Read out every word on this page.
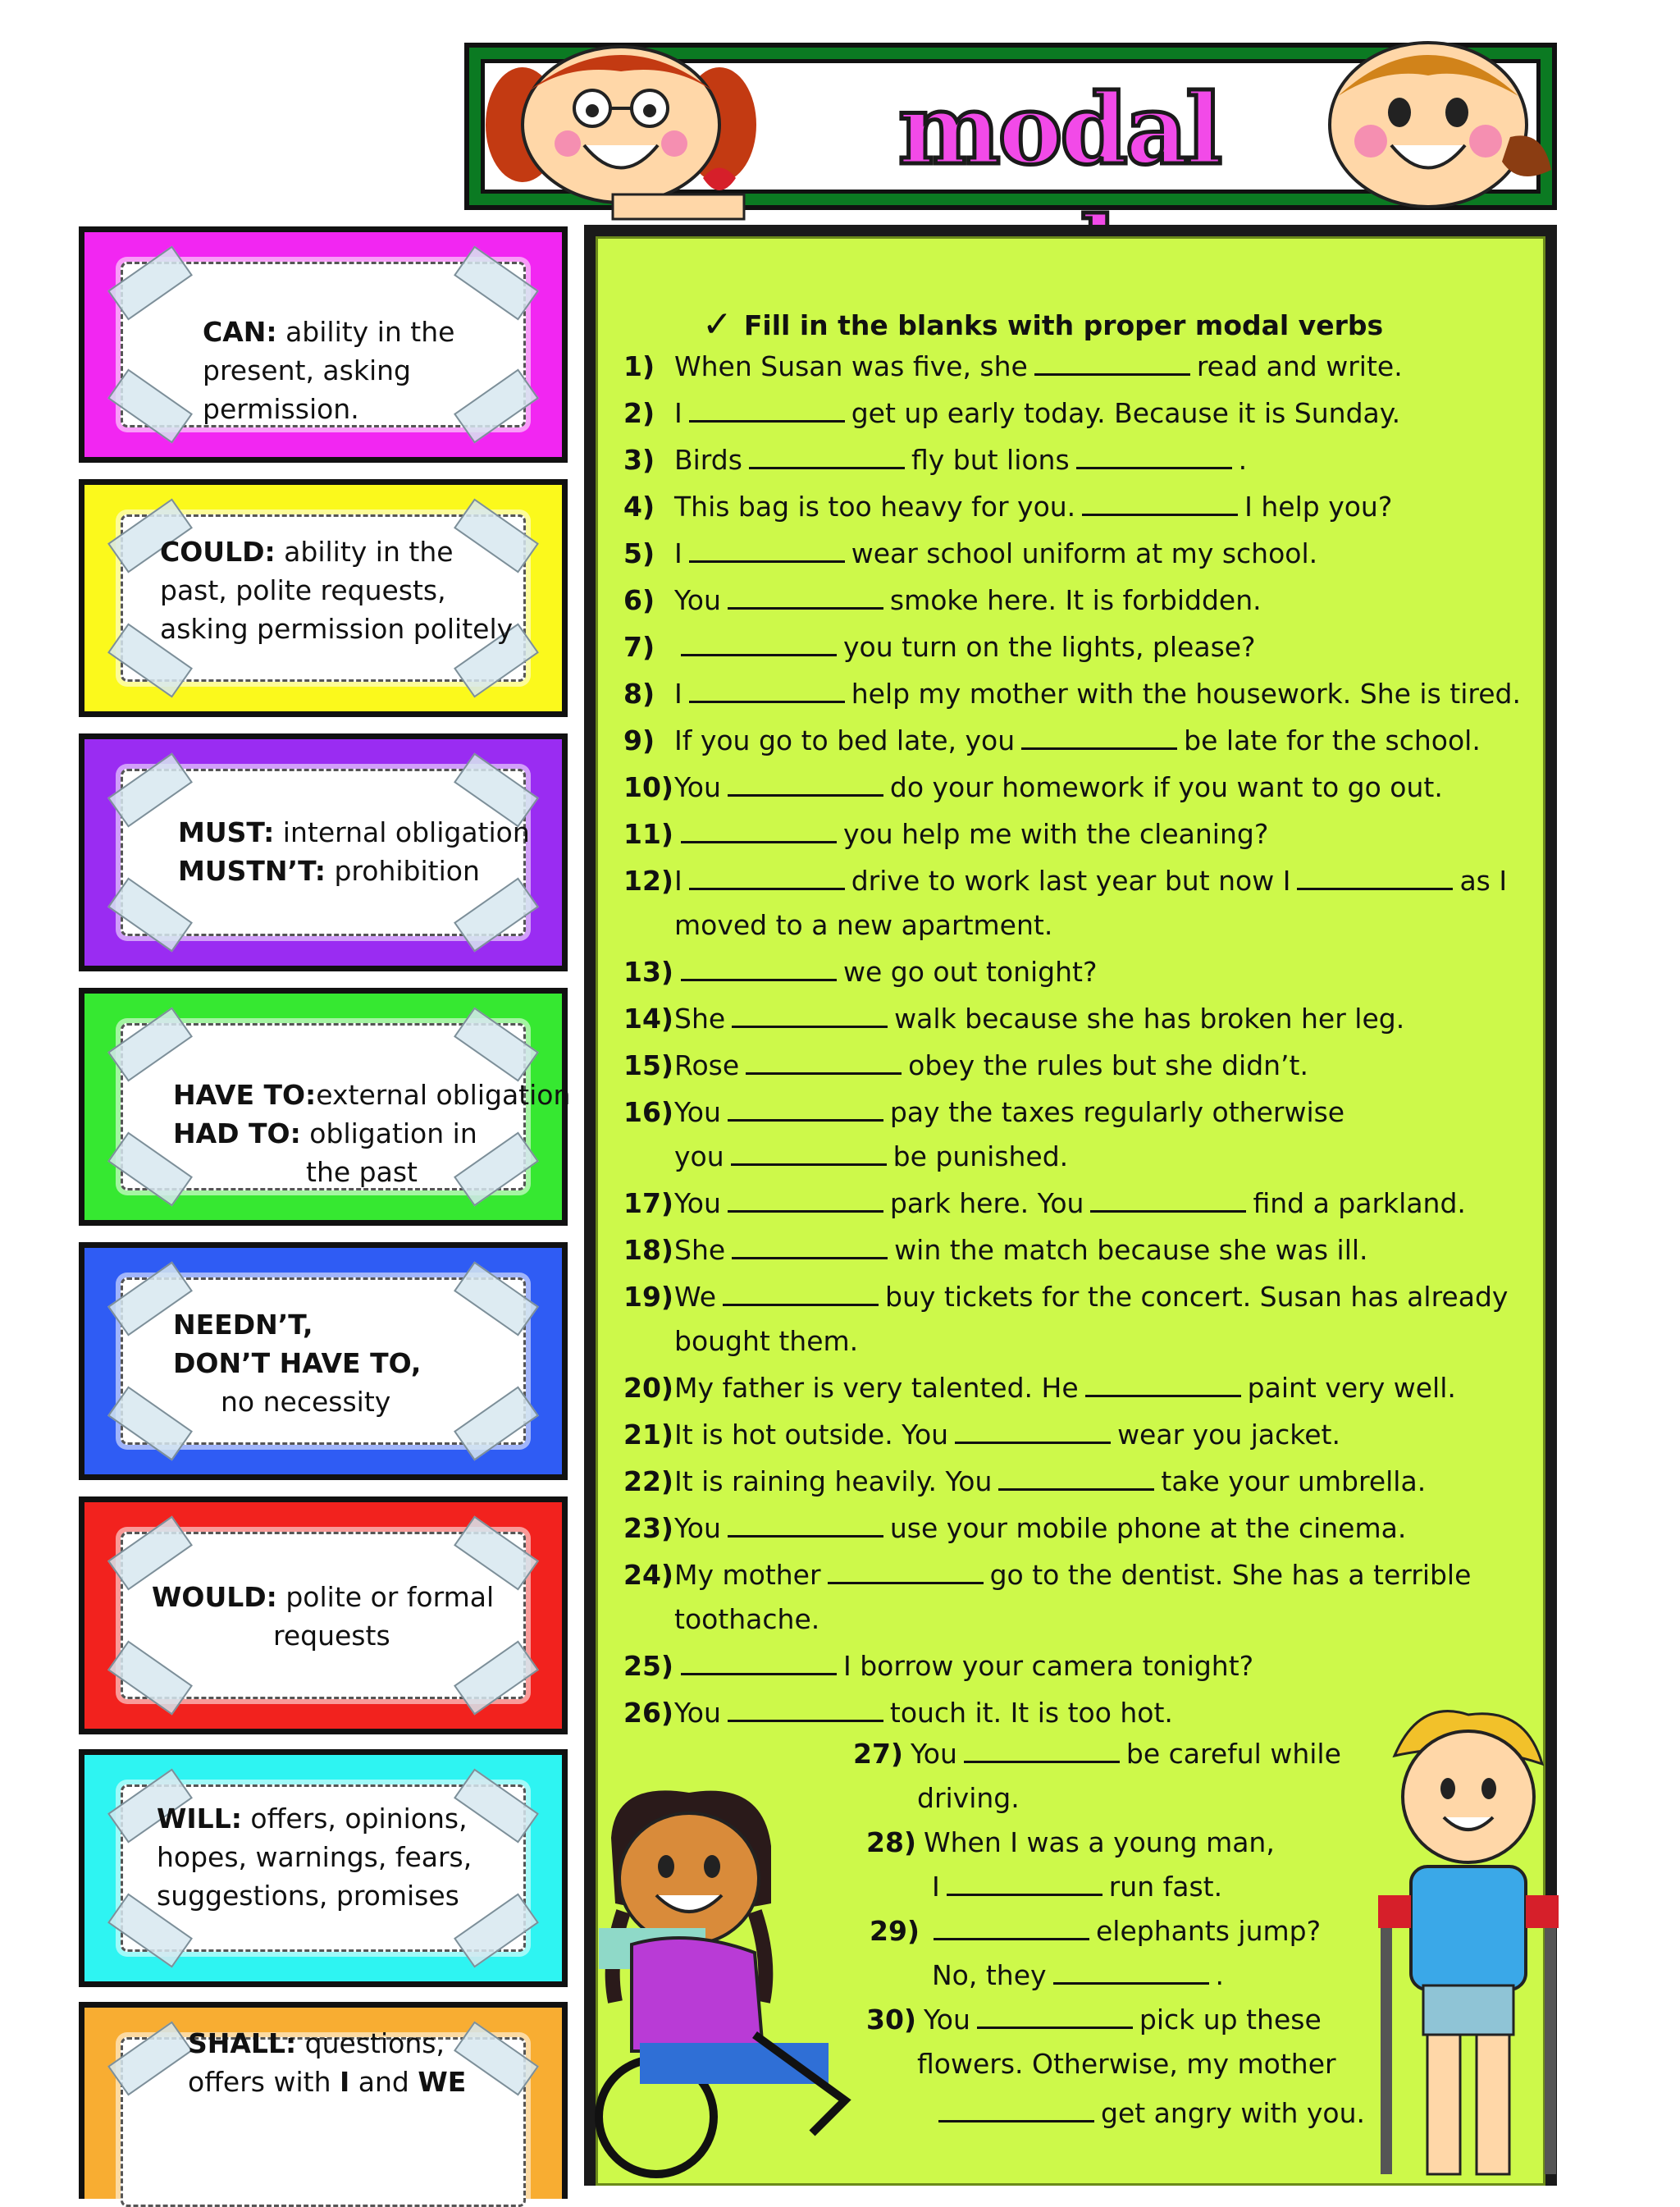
modal
CAN: ability in the
present, asking
permission.
COULD: ability in the
past, polite requests,
asking permission politely
MUST: internal obligation
MUSTN’T: prohibition
HAVE TO:external obligation
HAD TO: obligation in
the past
NEEDN’T,
DON’T HAVE TO,
no necessity
WOULD: polite or formal
requests
WILL: offers, opinions,
hopes, warnings, fears,
suggestions, promises
SHALL: questions,
offers with I and WE
✓ Fill in the blanks with proper modal verbs
1) When Susan was five, she	read and write.
2) I	get up early today. Because it is Sunday.
3) Birds	fly but lions	.
4) This bag is too heavy for you.	I help you?
5) I	wear school uniform at my school.
6) You	smoke here. It is forbidden.
7)	you turn on the lights, please?
8) I	help my mother with the housework. She is tired.
9) If you go to bed late, you	be late for the school.
10)You	do your homework if you want to go out.
11)	you help me with the cleaning?
12)I	drive to work last year but now I	as I
moved to a new apartment.
13)	we go out tonight?
14)She	walk because she has broken her leg.
15)Rose	obey the rules but she didn’t.
16)You	pay the taxes regularly otherwise
you	be punished.
17)You	park here. You	find a parkland.
18)She	win the match because she was ill.
19)We	buy tickets for the concert. Susan has already
bought them.
20)My father is very talented. He	paint very well.
21)It is hot outside. You	wear you jacket.
22)It is raining heavily. You	take your umbrella.
23)You	use your mobile phone at the cinema.
24)My mother	go to the dentist. She has a terrible
toothache.
25)	I borrow your camera tonight?
26)You	touch it. It is too hot.
27) You	be careful while
driving.
28) When I was a young man,
I	run fast.
29)	elephants jump?
No, they	.
30) You	pick up these
flowers. Otherwise, my mother
get angry with you.
